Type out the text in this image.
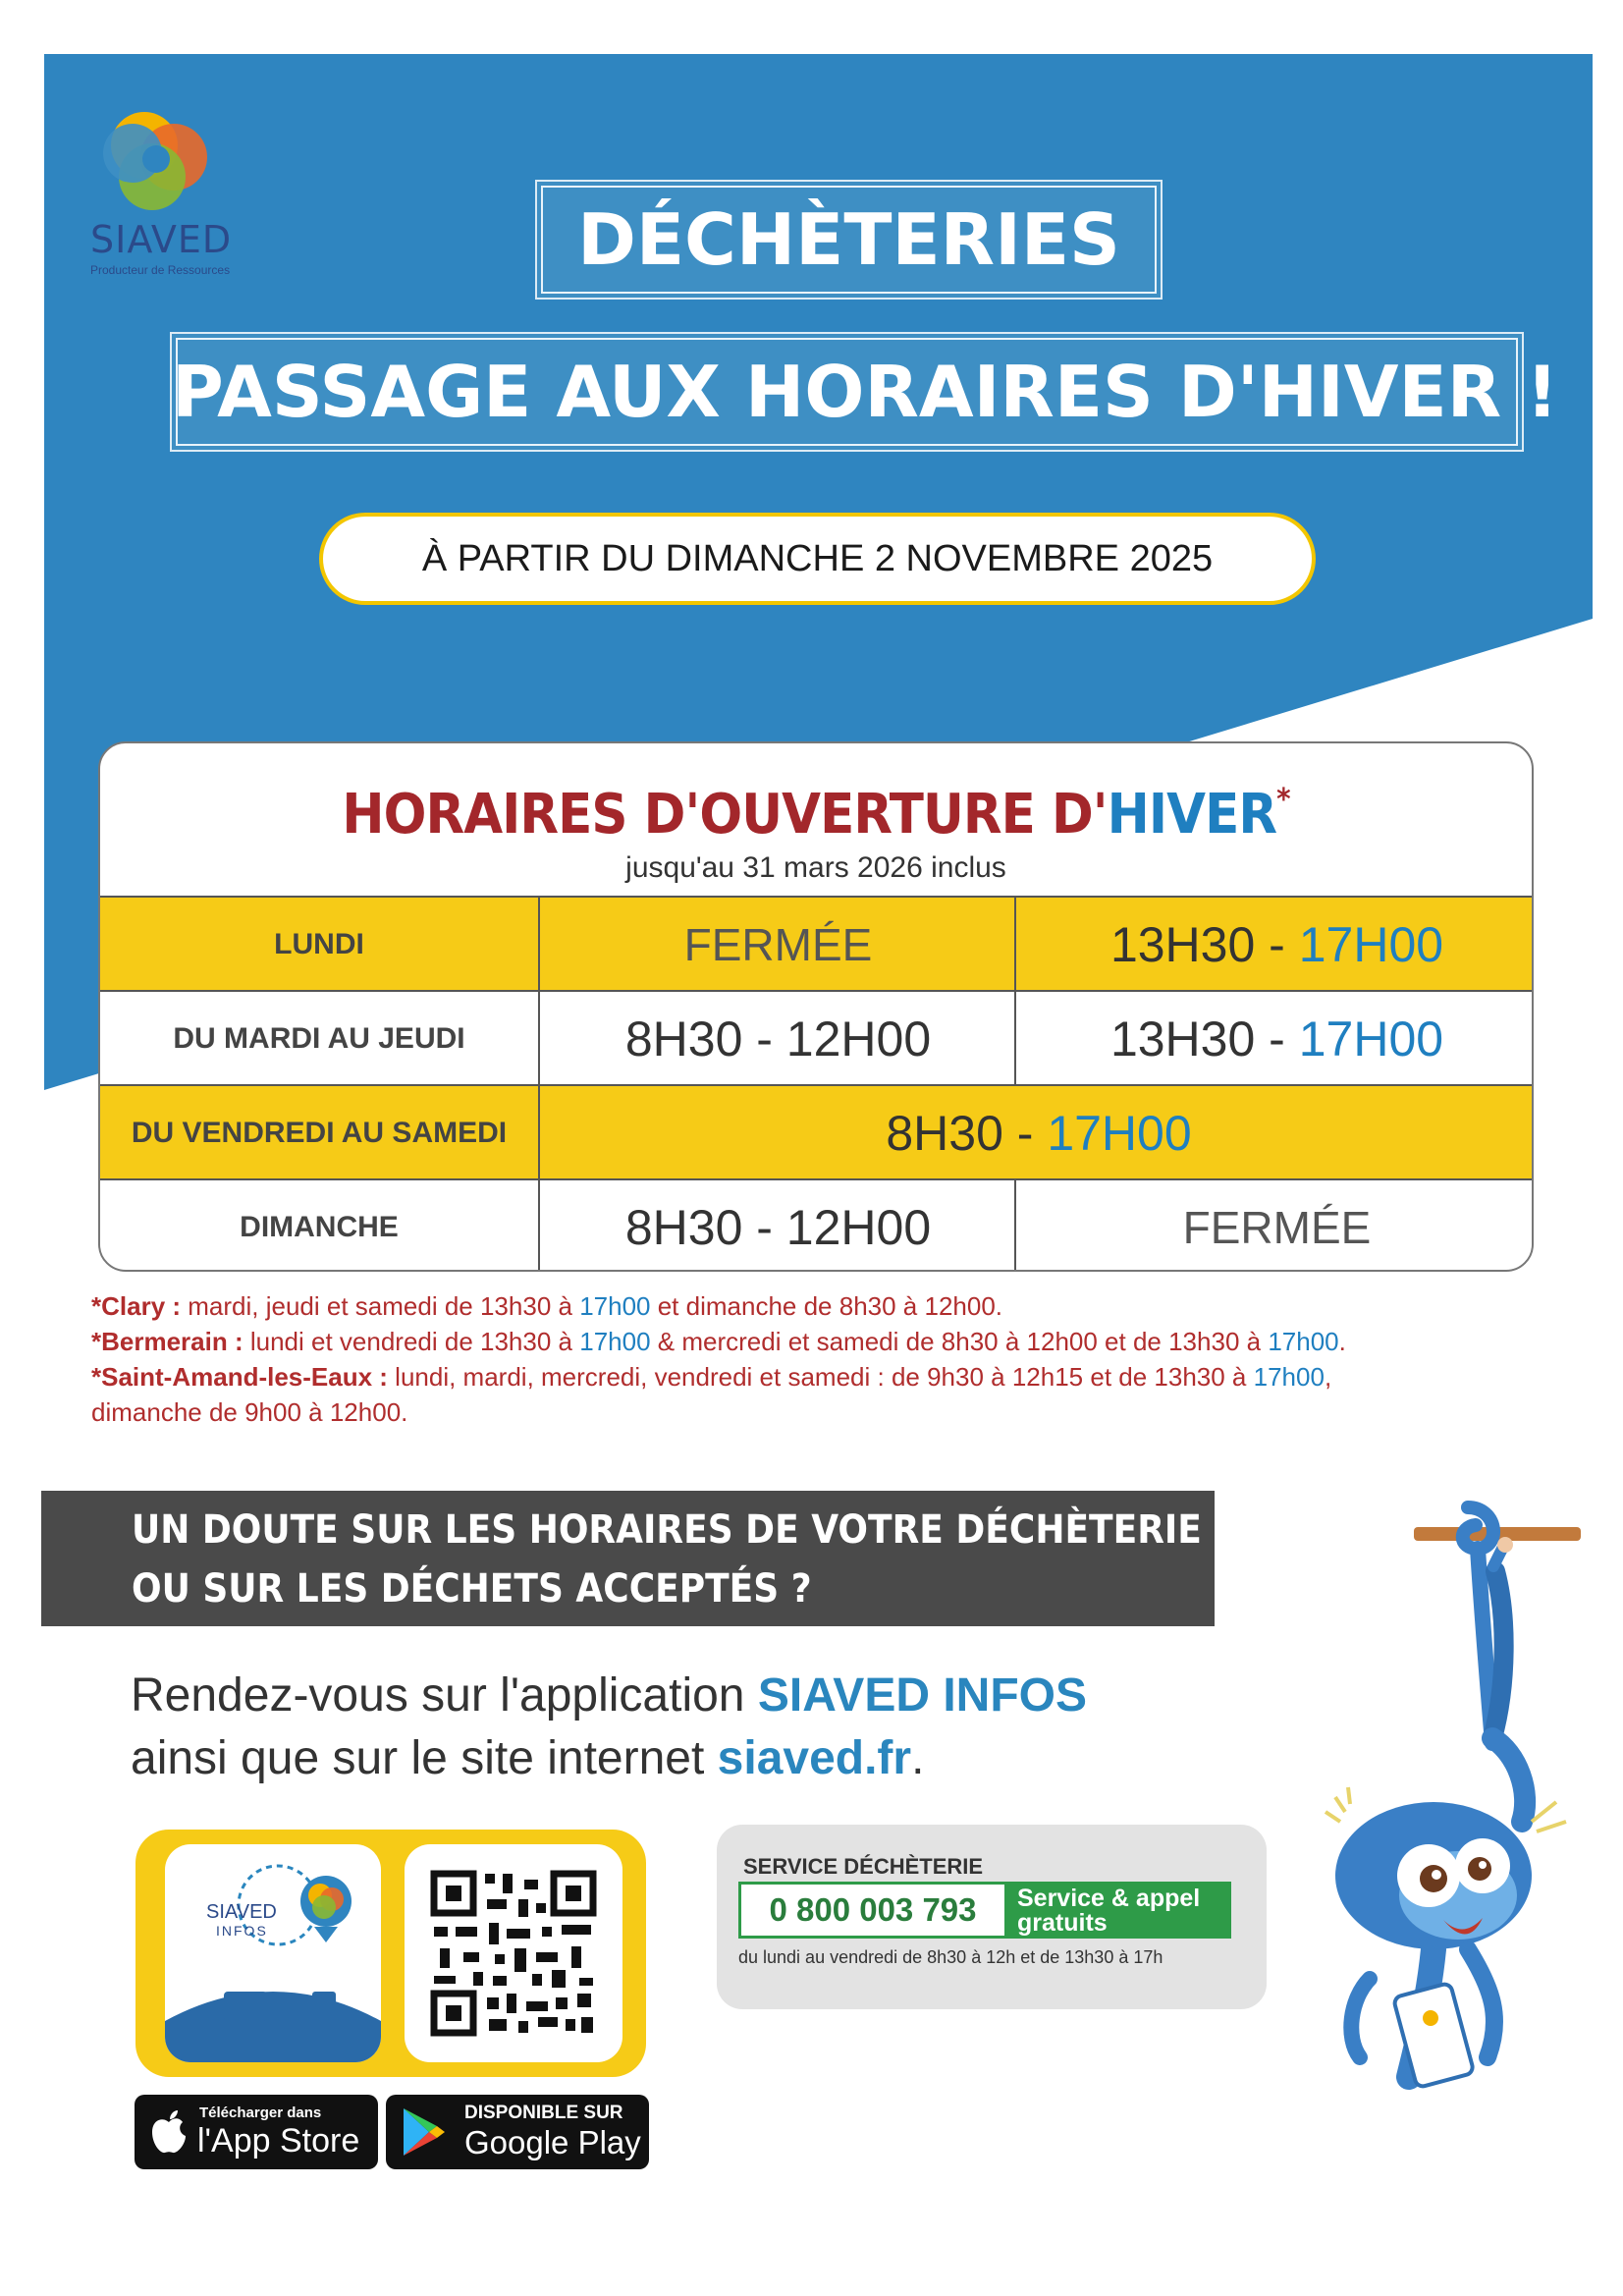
SIAVED
Producteur de Ressources	DÉCHÈTERIES
PASSAGE AUX HORAIRES D'HIVER !
À PARTIR DU DIMANCHE 2 NOVEMBRE 2025
HORAIRES D'OUVERTURE D'HIVER*
jusqu'au 31 mars 2026 inclus
LUNDI	FERMÉE	13H30 - 17H00
DU MARDI AU JEUDI	8H30 - 12H00	13H30 - 17H00
DU VENDREDI AU SAMEDI	8H30 - 17H00
DIMANCHE	8H30 - 12H00	FERMÉE
*Clary : mardi, jeudi et samedi de 13h30 à 17h00 et dimanche de 8h30 à 12h00.
*Bermerain : lundi et vendredi de 13h30 à 17h00 & mercredi et samedi de 8h30 à 12h00 et de 13h30 à 17h00.
*Saint-Amand-les-Eaux : lundi, mardi, mercredi, vendredi et samedi : de 9h30 à 12h15 et de 13h30 à 17h00,
dimanche de 9h00 à 12h00.
UN DOUTE SUR LES HORAIRES DE VOTRE DÉCHÈTERIE
OU SUR LES DÉCHETS ACCEPTÉS ?
Rendez-vous sur l'application SIAVED INFOS
ainsi que sur le site internet siaved.fr.
SIAVED
INFOS
Télécharger dans
l'App Store
DISPONIBLE SUR
Google Play
SERVICE DÉCHÈTERIE
0 800 003 793	Service & appel
gratuits
du lundi au vendredi de 8h30 à 12h et de 13h30 à 17h
